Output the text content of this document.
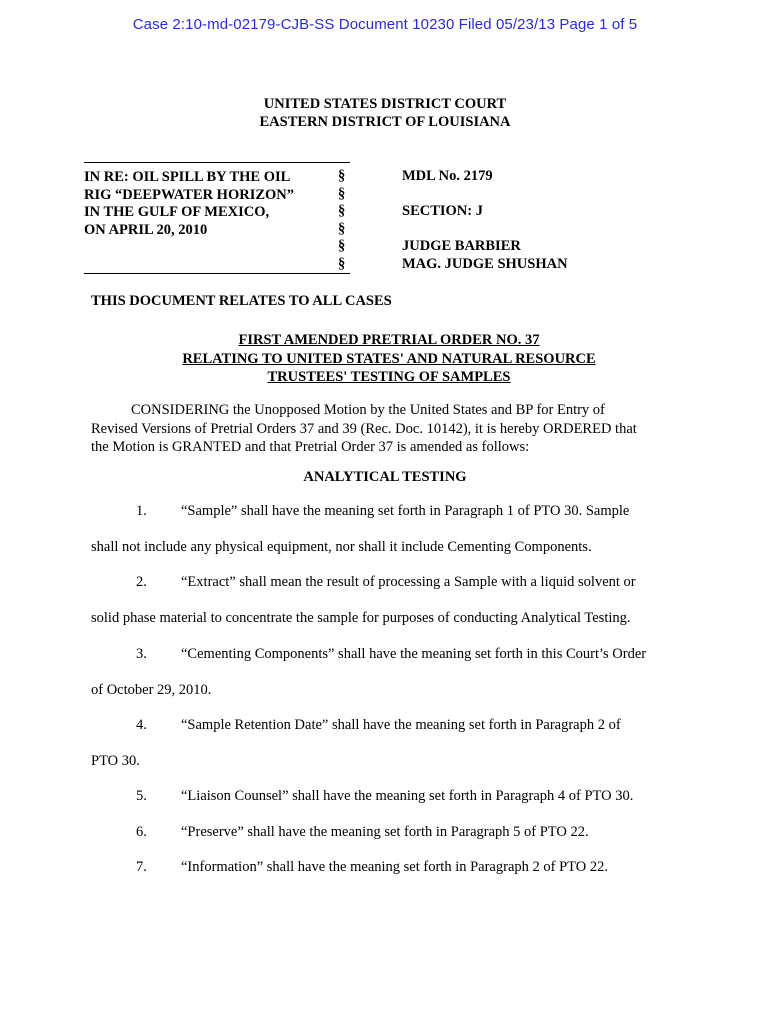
Case 2:10-md-02179-CJB-SS Document 10230 Filed 05/23/13 Page 1 of 5
UNITED STATES DISTRICT COURT
EASTERN DISTRICT OF LOUISIANA
IN RE: OIL SPILL BY THE OIL
RIG “DEEPWATER HORIZON”
IN THE GULF OF MEXICO,
ON APRIL 20, 2010
§
§
§
§
§
§
MDL No. 2179
SECTION: J
JUDGE BARBIER
MAG. JUDGE SHUSHAN
THIS DOCUMENT RELATES TO ALL CASES
FIRST AMENDED PRETRIAL ORDER NO. 37
RELATING TO UNITED STATES' AND NATURAL RESOURCE
TRUSTEES' TESTING OF SAMPLES
CONSIDERING the Unopposed Motion by the United States and BP for Entry of
Revised Versions of Pretrial Orders 37 and 39 (Rec. Doc. 10142), it is hereby ORDERED that
the Motion is GRANTED and that Pretrial Order 37 is amended as follows:
ANALYTICAL TESTING
1. “Sample” shall have the meaning set forth in Paragraph 1 of PTO 30. Sample
shall not include any physical equipment, nor shall it include Cementing Components.
2. “Extract” shall mean the result of processing a Sample with a liquid solvent or
solid phase material to concentrate the sample for purposes of conducting Analytical Testing.
3. “Cementing Components” shall have the meaning set forth in this Court’s Order
of October 29, 2010.
4. “Sample Retention Date” shall have the meaning set forth in Paragraph 2 of
PTO 30.
5. “Liaison Counsel” shall have the meaning set forth in Paragraph 4 of PTO 30.
6. “Preserve” shall have the meaning set forth in Paragraph 5 of PTO 22.
7. “Information” shall have the meaning set forth in Paragraph 2 of PTO 22.
